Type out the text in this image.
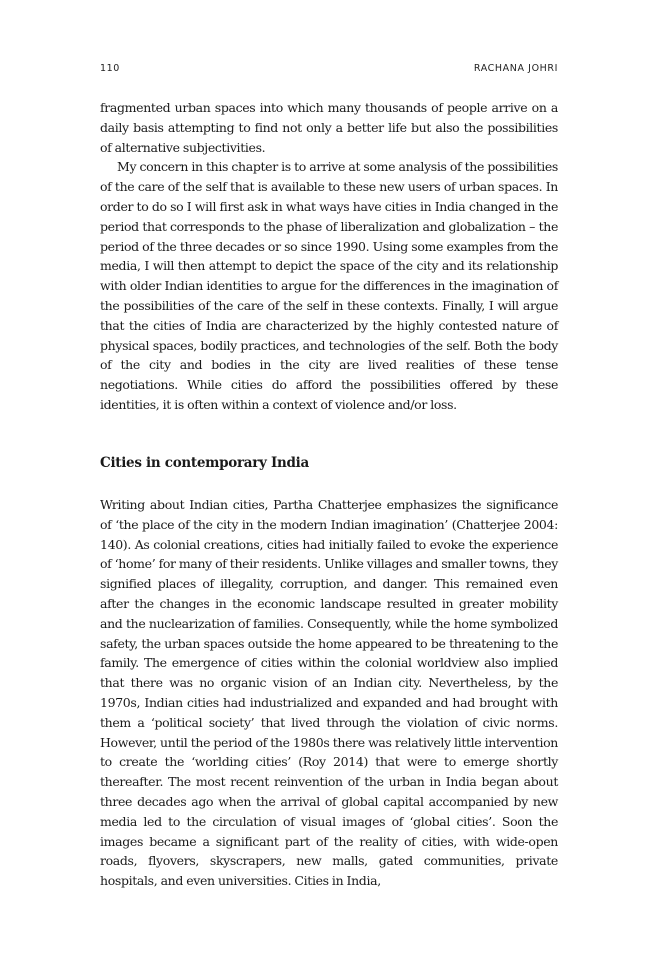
110	RACHANA JOHRI

fragmented urban spaces into which many thousands of people arrive on a daily basis attempting to find not only a better life but also the possibilities of alternative subjectivities.

My concern in this chapter is to arrive at some analysis of the possibilities of the care of the self that is available to these new users of urban spaces. In order to do so I will first ask in what ways have cities in India changed in the period that corresponds to the phase of liberalization and globalization – the period of the three decades or so since 1990. Using some examples from the media, I will then attempt to depict the space of the city and its relationship with older Indian identities to argue for the differences in the imagination of the possibilities of the care of the self in these contexts. Finally, I will argue that the cities of India are characterized by the highly contested nature of physical spaces, bodily practices, and technologies of the self. Both the body of the city and bodies in the city are lived realities of these tense negotiations. While cities do afford the possibilities offered by these identities, it is often within a context of violence and/or loss.

Cities in contemporary India

Writing about Indian cities, Partha Chatterjee emphasizes the significance of ‘the place of the city in the modern Indian imagination’ (Chatterjee 2004: 140). As colonial creations, cities had initially failed to evoke the experience of ‘home’ for many of their residents. Unlike villages and smaller towns, they signified places of illegality, corruption, and danger. This remained even after the changes in the economic landscape resulted in greater mobility and the nuclearization of families. Consequently, while the home symbolized safety, the urban spaces outside the home appeared to be threatening to the family. The emergence of cities within the colonial worldview also implied that there was no organic vision of an Indian city. Nevertheless, by the 1970s, Indian cities had industrialized and expanded and had brought with them a ‘political society’ that lived through the violation of civic norms. However, until the period of the 1980s there was relatively little intervention to create the ‘worlding cities’ (Roy 2014) that were to emerge shortly thereafter. The most recent reinvention of the urban in India began about three decades ago when the arrival of global capital accompanied by new media led to the circulation of visual images of ‘global cities’. Soon the images became a significant part of the reality of cities, with wide-open roads, flyovers, skyscrapers, new malls, gated communities, private hospitals, and even universities. Cities in India,
